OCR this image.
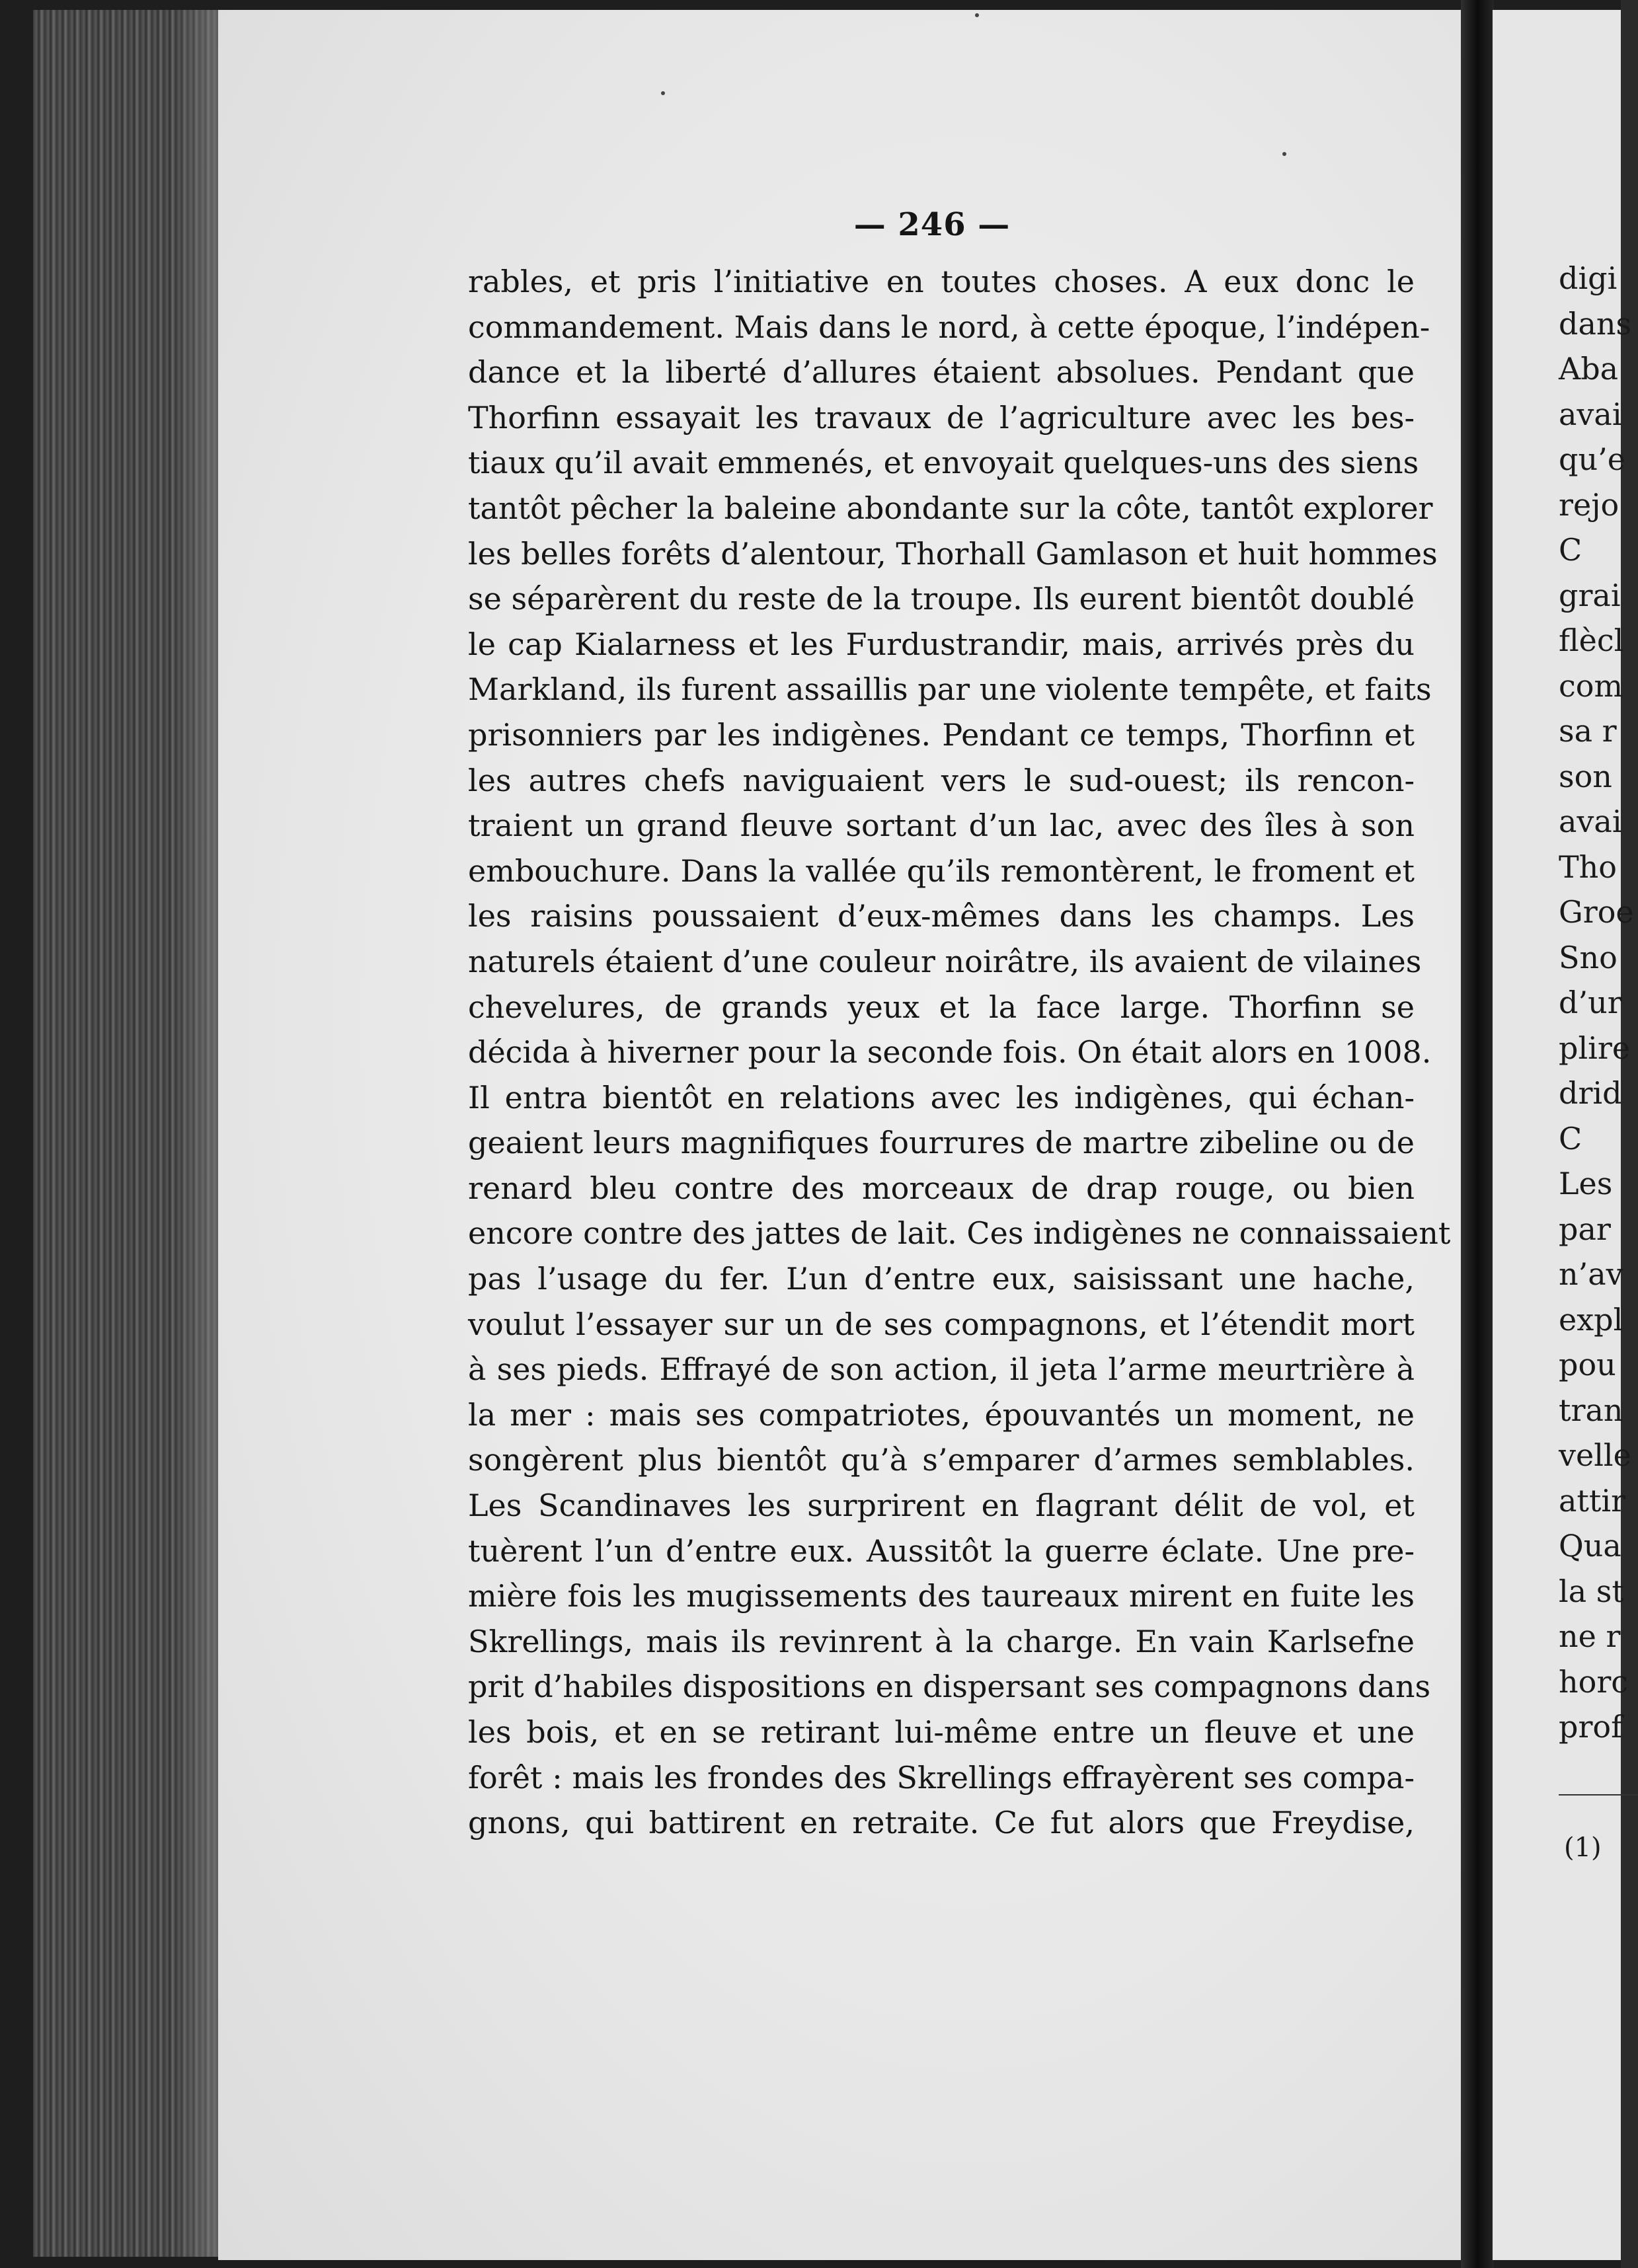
— 246 —
rables, et pris l’initiative en toutes choses. A eux donc le
commandement. Mais dans le nord, à cette époque, l’indépen-
dance et la liberté d’allures étaient absolues. Pendant que
Thorfinn essayait les travaux de l’agriculture avec les bes-
tiaux qu’il avait emmenés, et envoyait quelques-uns des siens
tantôt pêcher la baleine abondante sur la côte, tantôt explorer
les belles forêts d’alentour, Thorhall Gamlason et huit hommes
se séparèrent du reste de la troupe. Ils eurent bientôt doublé
le cap Kialarness et les Furdustrandir, mais, arrivés près du
Markland, ils furent assaillis par une violente tempête, et faits
prisonniers par les indigènes. Pendant ce temps, Thorfinn et
les autres chefs naviguaient vers le sud-ouest; ils rencon-
traient un grand fleuve sortant d’un lac, avec des îles à son
embouchure. Dans la vallée qu’ils remontèrent, le froment et
les raisins poussaient d’eux-mêmes dans les champs. Les
naturels étaient d’une couleur noirâtre, ils avaient de vilaines
chevelures, de grands yeux et la face large. Thorfinn se
décida à hiverner pour la seconde fois. On était alors en 1008.
Il entra bientôt en relations avec les indigènes, qui échan-
geaient leurs magnifiques fourrures de martre zibeline ou de
renard bleu contre des morceaux de drap rouge, ou bien
encore contre des jattes de lait. Ces indigènes ne connaissaient
pas l’usage du fer. L’un d’entre eux, saisissant une hache,
voulut l’essayer sur un de ses compagnons, et l’étendit mort
à ses pieds. Effrayé de son action, il jeta l’arme meurtrière à
la mer : mais ses compatriotes, épouvantés un moment, ne
songèrent plus bientôt qu’à s’emparer d’armes semblables.
Les Scandinaves les surprirent en flagrant délit de vol, et
tuèrent l’un d’entre eux. Aussitôt la guerre éclate. Une pre-
mière fois les mugissements des taureaux mirent en fuite les
Skrellings, mais ils revinrent à la charge. En vain Karlsefne
prit d’habiles dispositions en dispersant ses compagnons dans
les bois, et en se retirant lui-même entre un fleuve et une
forêt : mais les frondes des Skrellings effrayèrent ses compa-
gnons, qui battirent en retraite. Ce fut alors que Freydise,
digi
dans
Aba
avai
qu’e
rejo
C
grai
flècl
com
sa r
son
avai
Tho
Groe
Sno
d’ur
plire
drid
C
Les
par
n’av
expl
pou
tran
velle
attir
Qua
la st
ne r
horc
prof
(1)
